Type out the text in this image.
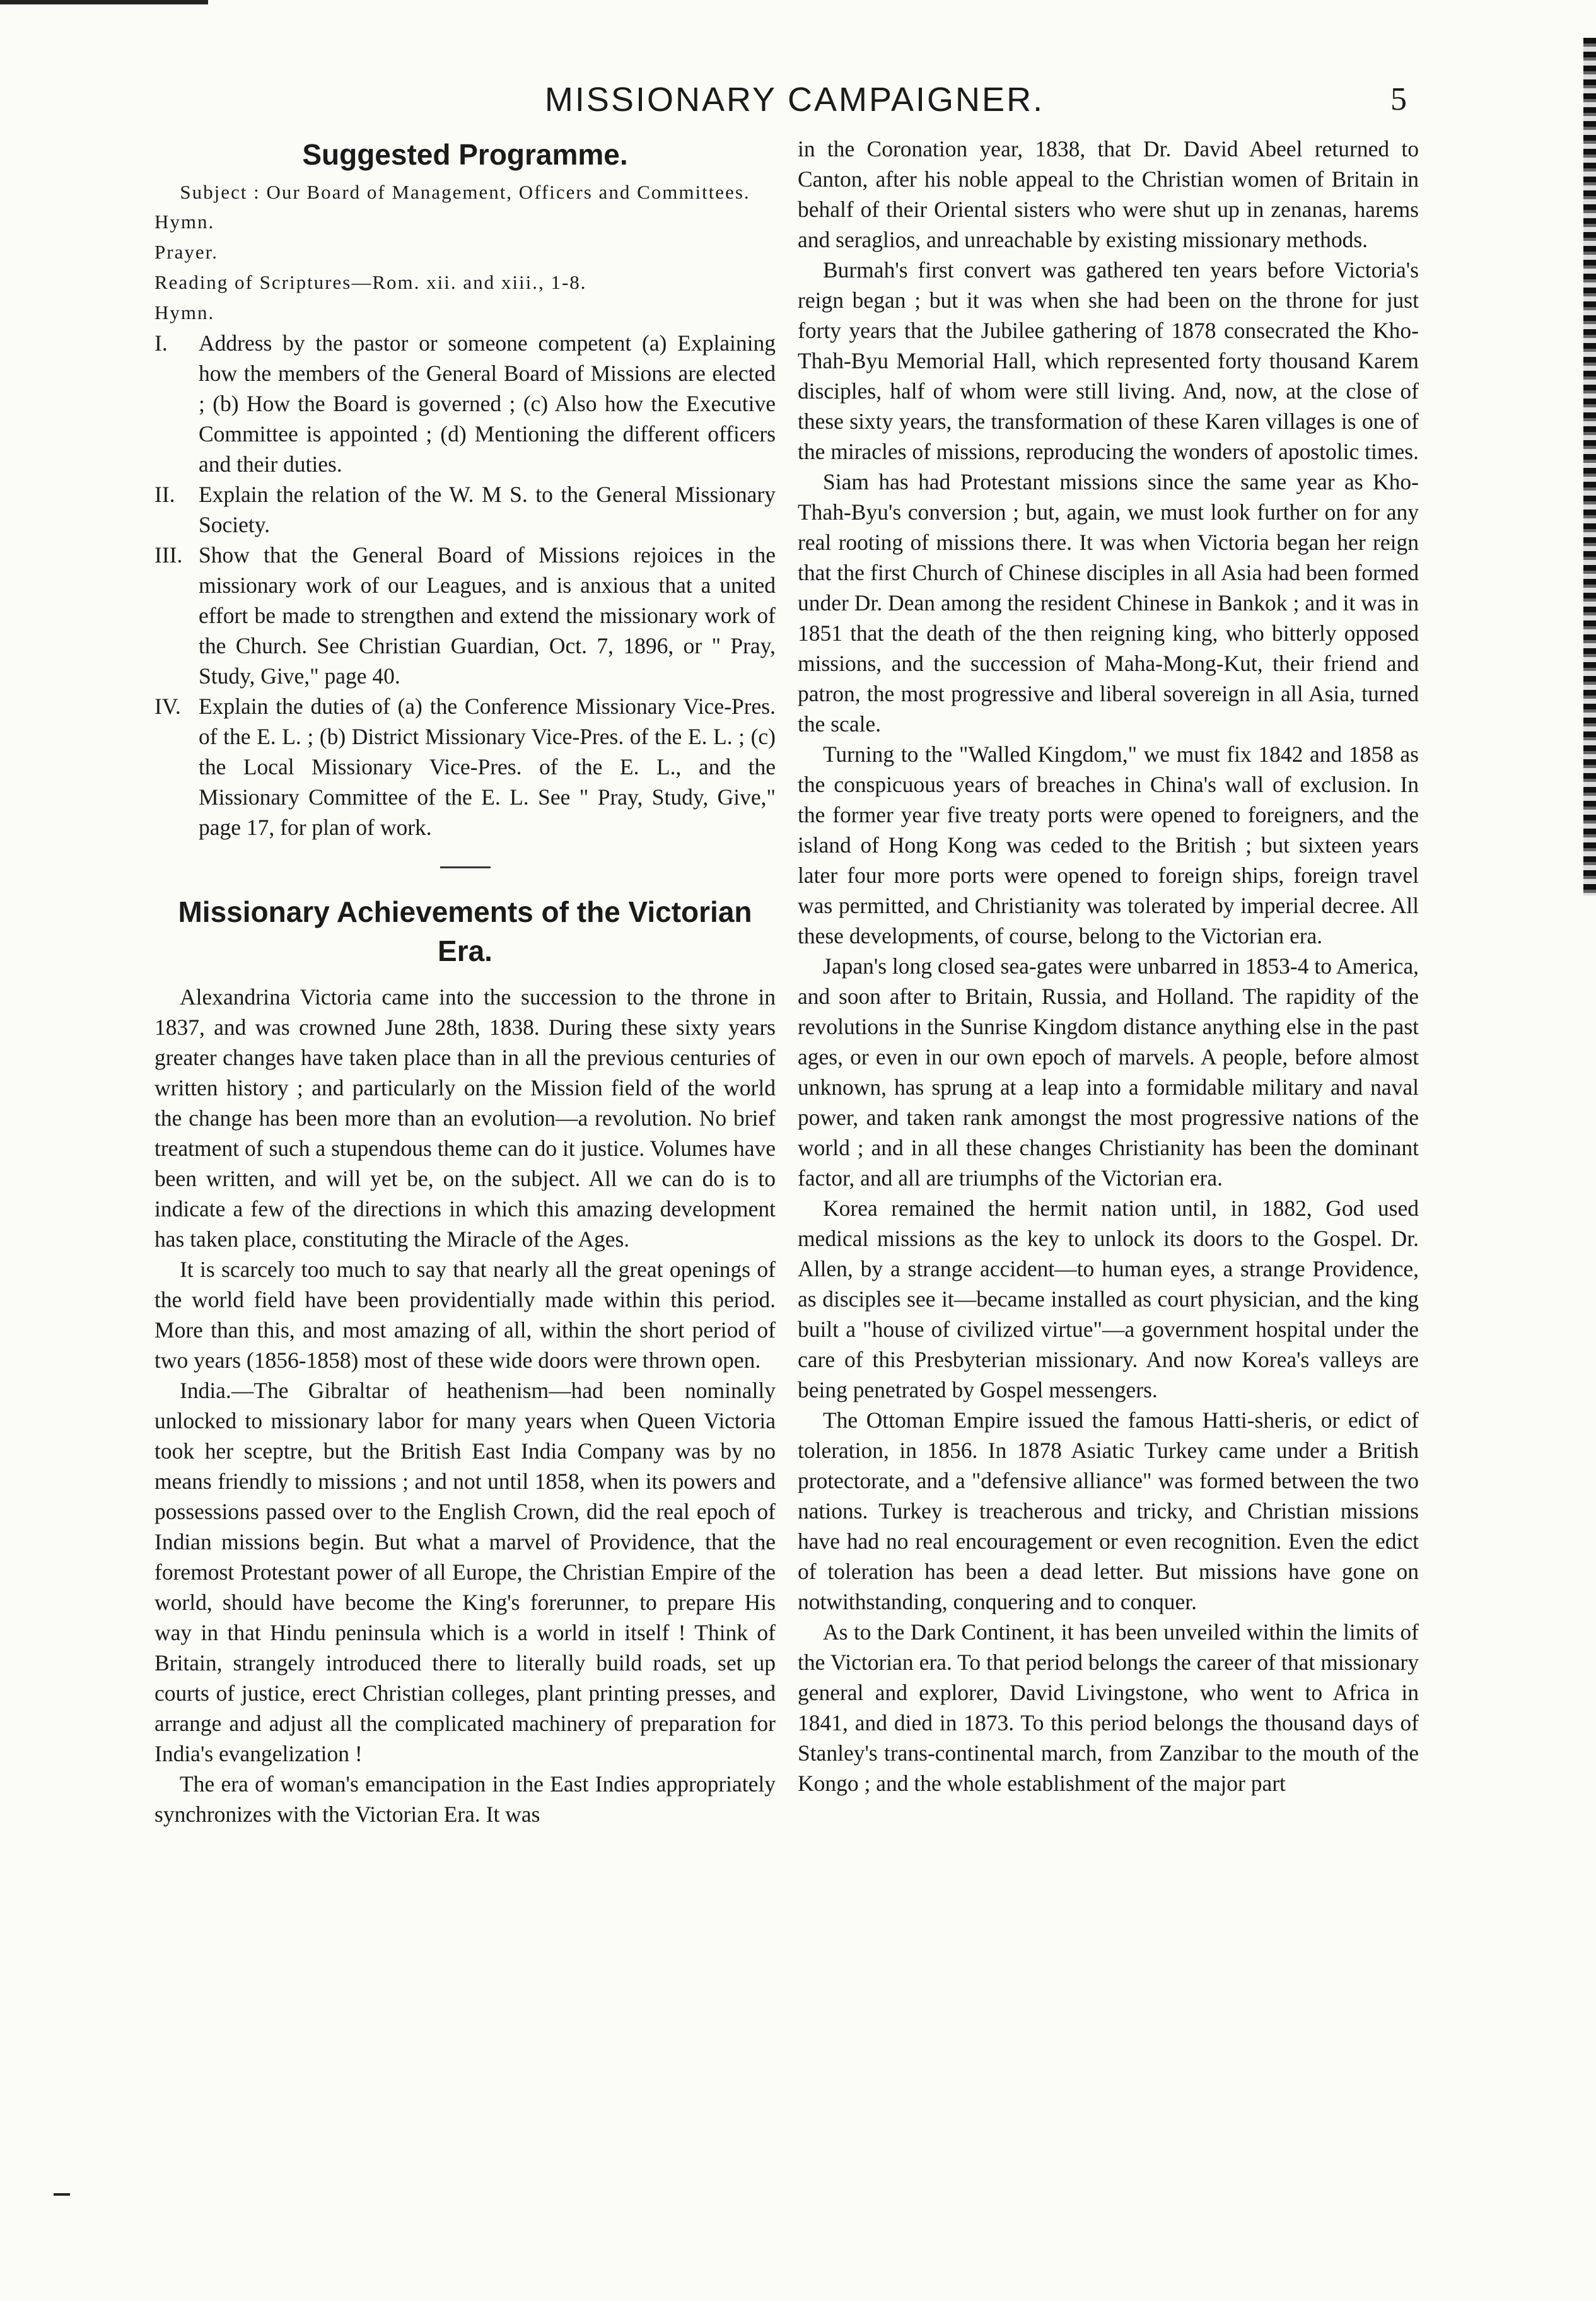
MISSIONARY CAMPAIGNER.	5
Suggested Programme.

Subject : Our Board of Management, Officers and Committees.

Hymn.

Prayer.

Reading of Scriptures—Rom. xii. and xiii., 1-8.

Hymn.

I.	Address by the pastor or someone competent (a) Explaining how the members of the General Board of Missions are elected ; (b) How the Board is governed ; (c) Also how the Executive Committee is appointed ; (d) Mentioning the different officers and their duties.
II.	Explain the relation of the W. M S. to the General Missionary Society.
III. Show that the General Board of Missions rejoices in the missionary work of our Leagues, and is anxious that a united effort be made to strengthen and extend the missionary work of the Church. See Christian Guardian, Oct. 7, 1896, or " Pray, Study, Give," page 40.
IV. Explain the duties of (a) the Conference Missionary Vice-Pres. of the E. L. ; (b) District Missionary Vice-Pres. of the E. L. ; (c) the Local Missionary Vice-Pres. of the E. L., and the Missionary Committee of the E. L. See " Pray, Study, Give," page 17, for plan of work.
Missionary Achievements of the Victorian Era.

Alexandrina Victoria came into the succession to the throne in 1837, and was crowned June 28th, 1838. During these sixty years greater changes have taken place than in all the previous centuries of written history ; and particularly on the Mission field of the world the change has been more than an evolution—a revolution. No brief treatment of such a stupendous theme can do it justice. Volumes have been written, and will yet be, on the subject. All we can do is to indicate a few of the directions in which this amazing development has taken place, constituting the Miracle of the Ages.

It is scarcely too much to say that nearly all the great openings of the world field have been providentially made within this period. More than this, and most amazing of all, within the short period of two years (1856-1858) most of these wide doors were thrown open.

India.—The Gibraltar of heathenism—had been nominally unlocked to missionary labor for many years when Queen Victoria took her sceptre, but the British East India Company was by no means friendly to missions ; and not until 1858, when its powers and possessions passed over to the English Crown, did the real epoch of Indian missions begin. But what a marvel of Providence, that the foremost Protestant power of all Europe, the Christian Empire of the world, should have become the King's forerunner, to prepare His way in that Hindu peninsula which is a world in itself ! Think of Britain, strangely introduced there to literally build roads, set up courts of justice, erect Christian colleges, plant printing presses, and arrange and adjust all the complicated machinery of preparation for India's evangelization !

The era of woman's emancipation in the East Indies appropriately synchronizes with the Victorian Era. It was

in the Coronation year, 1838, that Dr. David Abeel returned to Canton, after his noble appeal to the Christian women of Britain in behalf of their Oriental sisters who were shut up in zenanas, harems and seraglios, and unreachable by existing missionary methods.

Burmah's first convert was gathered ten years before Victoria's reign began ; but it was when she had been on the throne for just forty years that the Jubilee gathering of 1878 consecrated the Kho-Thah-Byu Memorial Hall, which represented forty thousand Karem disciples, half of whom were still living. And, now, at the close of these sixty years, the transformation of these Karen villages is one of the miracles of missions, reproducing the wonders of apostolic times.

Siam has had Protestant missions since the same year as Kho-Thah-Byu's conversion ; but, again, we must look further on for any real rooting of missions there. It was when Victoria began her reign that the first Church of Chinese disciples in all Asia had been formed under Dr. Dean among the resident Chinese in Bankok ; and it was in 1851 that the death of the then reigning king, who bitterly opposed missions, and the succession of Maha-Mong-Kut, their friend and patron, the most progressive and liberal sovereign in all Asia, turned the scale.

Turning to the "Walled Kingdom," we must fix 1842 and 1858 as the conspicuous years of breaches in China's wall of exclusion. In the former year five treaty ports were opened to foreigners, and the island of Hong Kong was ceded to the British ; but sixteen years later four more ports were opened to foreign ships, foreign travel was permitted, and Christianity was tolerated by imperial decree. All these developments, of course, belong to the Victorian era.

Japan's long closed sea-gates were unbarred in 1853-4 to America, and soon after to Britain, Russia, and Holland. The rapidity of the revolutions in the Sunrise Kingdom distance anything else in the past ages, or even in our own epoch of marvels. A people, before almost unknown, has sprung at a leap into a formidable military and naval power, and taken rank amongst the most progressive nations of the world ; and in all these changes Christianity has been the dominant factor, and all are triumphs of the Victorian era.

Korea remained the hermit nation until, in 1882, God used medical missions as the key to unlock its doors to the Gospel. Dr. Allen, by a strange accident—to human eyes, a strange Providence, as disciples see it—became installed as court physician, and the king built a "house of civilized virtue"—a government hospital under the care of this Presbyterian missionary. And now Korea's valleys are being penetrated by Gospel messengers.

The Ottoman Empire issued the famous Hatti-sheris, or edict of toleration, in 1856. In 1878 Asiatic Turkey came under a British protectorate, and a "defensive alliance" was formed between the two nations. Turkey is treacherous and tricky, and Christian missions have had no real encouragement or even recognition. Even the edict of toleration has been a dead letter. But missions have gone on notwithstanding, conquering and to conquer.

As to the Dark Continent, it has been unveiled within the limits of the Victorian era. To that period belongs the career of that missionary general and explorer, David Livingstone, who went to Africa in 1841, and died in 1873. To this period belongs the thousand days of Stanley's trans-continental march, from Zanzibar to the mouth of the Kongo ; and the whole establishment of the major part
